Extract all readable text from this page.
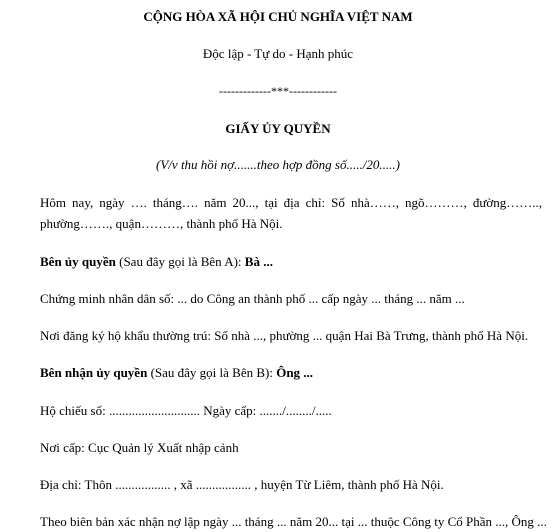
CỘNG HÒA XÃ HỘI CHỦ NGHĨA VIỆT NAM
Độc lập - Tự do - Hạnh phúc
-------------***------------
GIẤY ỦY QUYỀN
(V/v thu hồi nợ.......theo hợp đồng số...../20.....)
Hôm nay, ngày …. tháng…. năm 20..., tại địa chỉ: Số nhà……, ngõ………, đường……..,
phường……., quận………, thành phố Hà Nội.
Bên ủy quyền (Sau đây gọi là Bên A): Bà ...
Chứng minh nhân dân số: ... do Công an thành phố ... cấp ngày ... tháng ... năm ...
Nơi đăng ký hộ khẩu thường trú: Số nhà ..., phường ... quận Hai Bà Trưng, thành phố Hà Nội.
Bên nhận ủy quyền (Sau đây gọi là Bên B): Ông ...
Hộ chiếu số: ............................ Ngày cấp: ......./......../.....
Nơi cấp: Cục Quản lý Xuất nhập cảnh
Địa chỉ: Thôn ................. , xã ................. , huyện Từ Liêm, thành phố Hà Nội.
Theo biên bản xác nhận nợ lập ngày ... tháng ... năm 20... tại ... thuộc Công ty Cổ Phần ..., Ông ...
